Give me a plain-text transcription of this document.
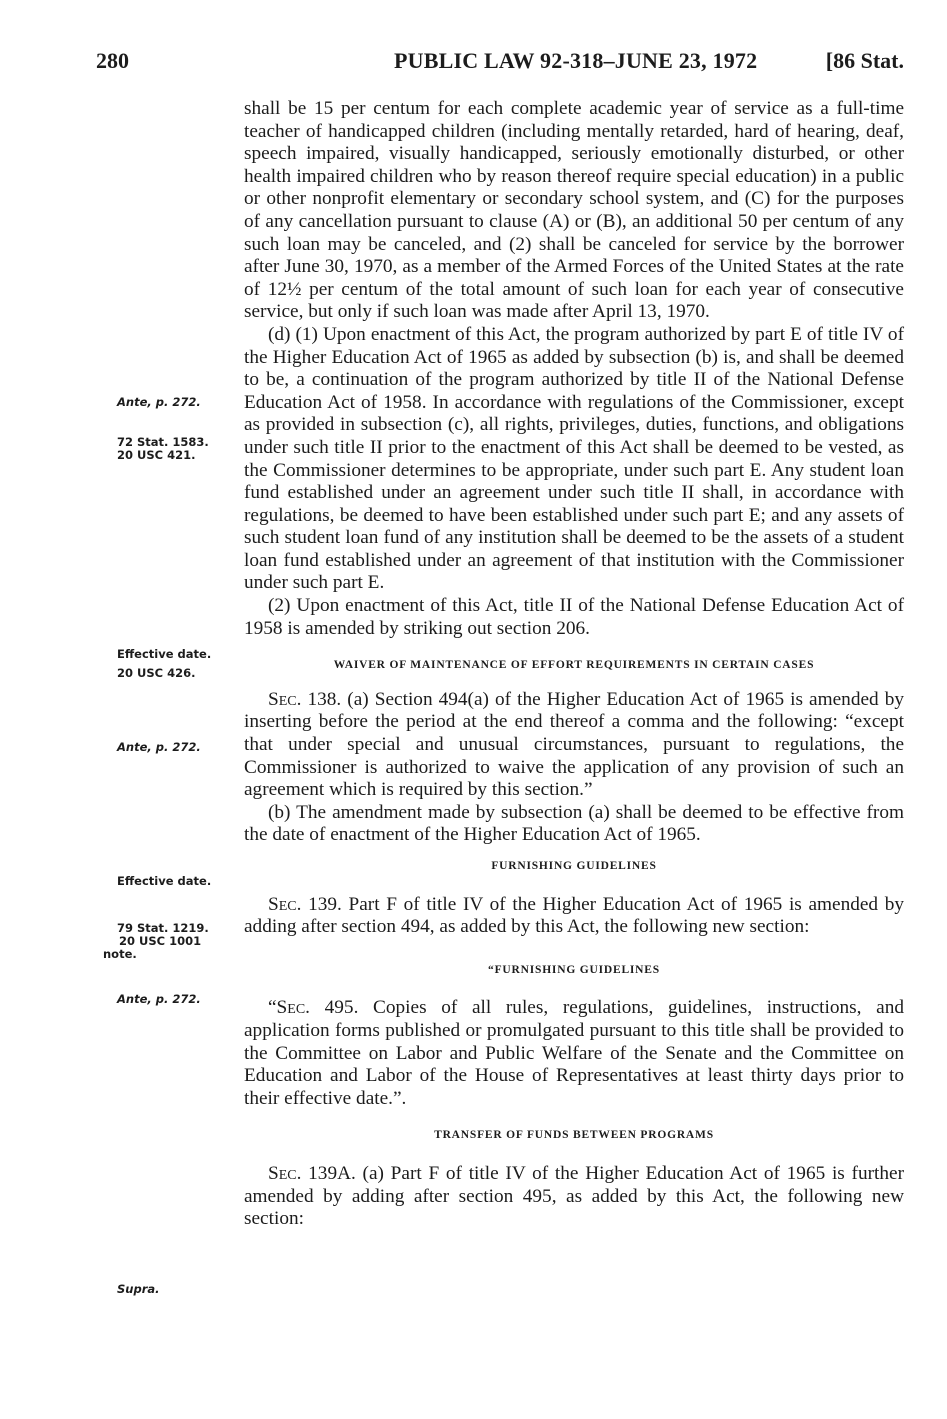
280	PUBLIC LAW 92-318–JUNE 23, 1972	[86 Stat.
Ante, p. 272.
72 Stat. 1583.
20 USC 421.
Effective date.
20 USC 426.
Ante, p. 272.
Effective date.
79 Stat. 1219.
20 USC 1001
note.
Ante, p. 272.
Supra.

shall be 15 per centum for each complete academic year of service as a full-time teacher of handicapped children (including mentally retarded, hard of hearing, deaf, speech impaired, visually handicapped, seriously emotionally disturbed, or other health impaired children who by reason thereof require special education) in a public or other nonprofit elementary or secondary school system, and (C) for the purposes of any cancellation pursuant to clause (A) or (B), an additional 50 per centum of any such loan may be canceled, and (2) shall be canceled for service by the borrower after June 30, 1970, as a member of the Armed Forces of the United States at the rate of 12½ per centum of the total amount of such loan for each year of consecutive service, but only if such loan was made after April 13, 1970.

(d) (1) Upon enactment of this Act, the program authorized by part E of title IV of the Higher Education Act of 1965 as added by subsection (b) is, and shall be deemed to be, a continuation of the program authorized by title II of the National Defense Education Act of 1958. In accordance with regulations of the Commissioner, except as provided in subsection (c), all rights, privileges, duties, functions, and obligations under such title II prior to the enactment of this Act shall be deemed to be vested, as the Commissioner determines to be appropriate, under such part E. Any student loan fund established under an agreement under such title II shall, in accordance with regulations, be deemed to have been established under such part E; and any assets of such student loan fund of any institution shall be deemed to be the assets of a student loan fund established under an agreement of that institution with the Commissioner under such part E.

(2) Upon enactment of this Act, title II of the National Defense Education Act of 1958 is amended by striking out section 206.

WAIVER OF MAINTENANCE OF EFFORT REQUIREMENTS IN CERTAIN CASES

Sec. 138. (a) Section 494(a) of the Higher Education Act of 1965 is amended by inserting before the period at the end thereof a comma and the following: “except that under special and unusual circumstances, pursuant to regulations, the Commissioner is authorized to waive the application of any provision of such an agreement which is required by this section.”

(b) The amendment made by subsection (a) shall be deemed to be effective from the date of enactment of the Higher Education Act of 1965.

FURNISHING GUIDELINES

Sec. 139. Part F of title IV of the Higher Education Act of 1965 is amended by adding after section 494, as added by this Act, the following new section:

“FURNISHING GUIDELINES

“Sec. 495. Copies of all rules, regulations, guidelines, instructions, and application forms published or promulgated pursuant to this title shall be provided to the Committee on Labor and Public Welfare of the Senate and the Committee on Education and Labor of the House of Representatives at least thirty days prior to their effective date.”.

TRANSFER OF FUNDS BETWEEN PROGRAMS

Sec. 139A. (a) Part F of title IV of the Higher Education Act of 1965 is further amended by adding after section 495, as added by this Act, the following new section:
